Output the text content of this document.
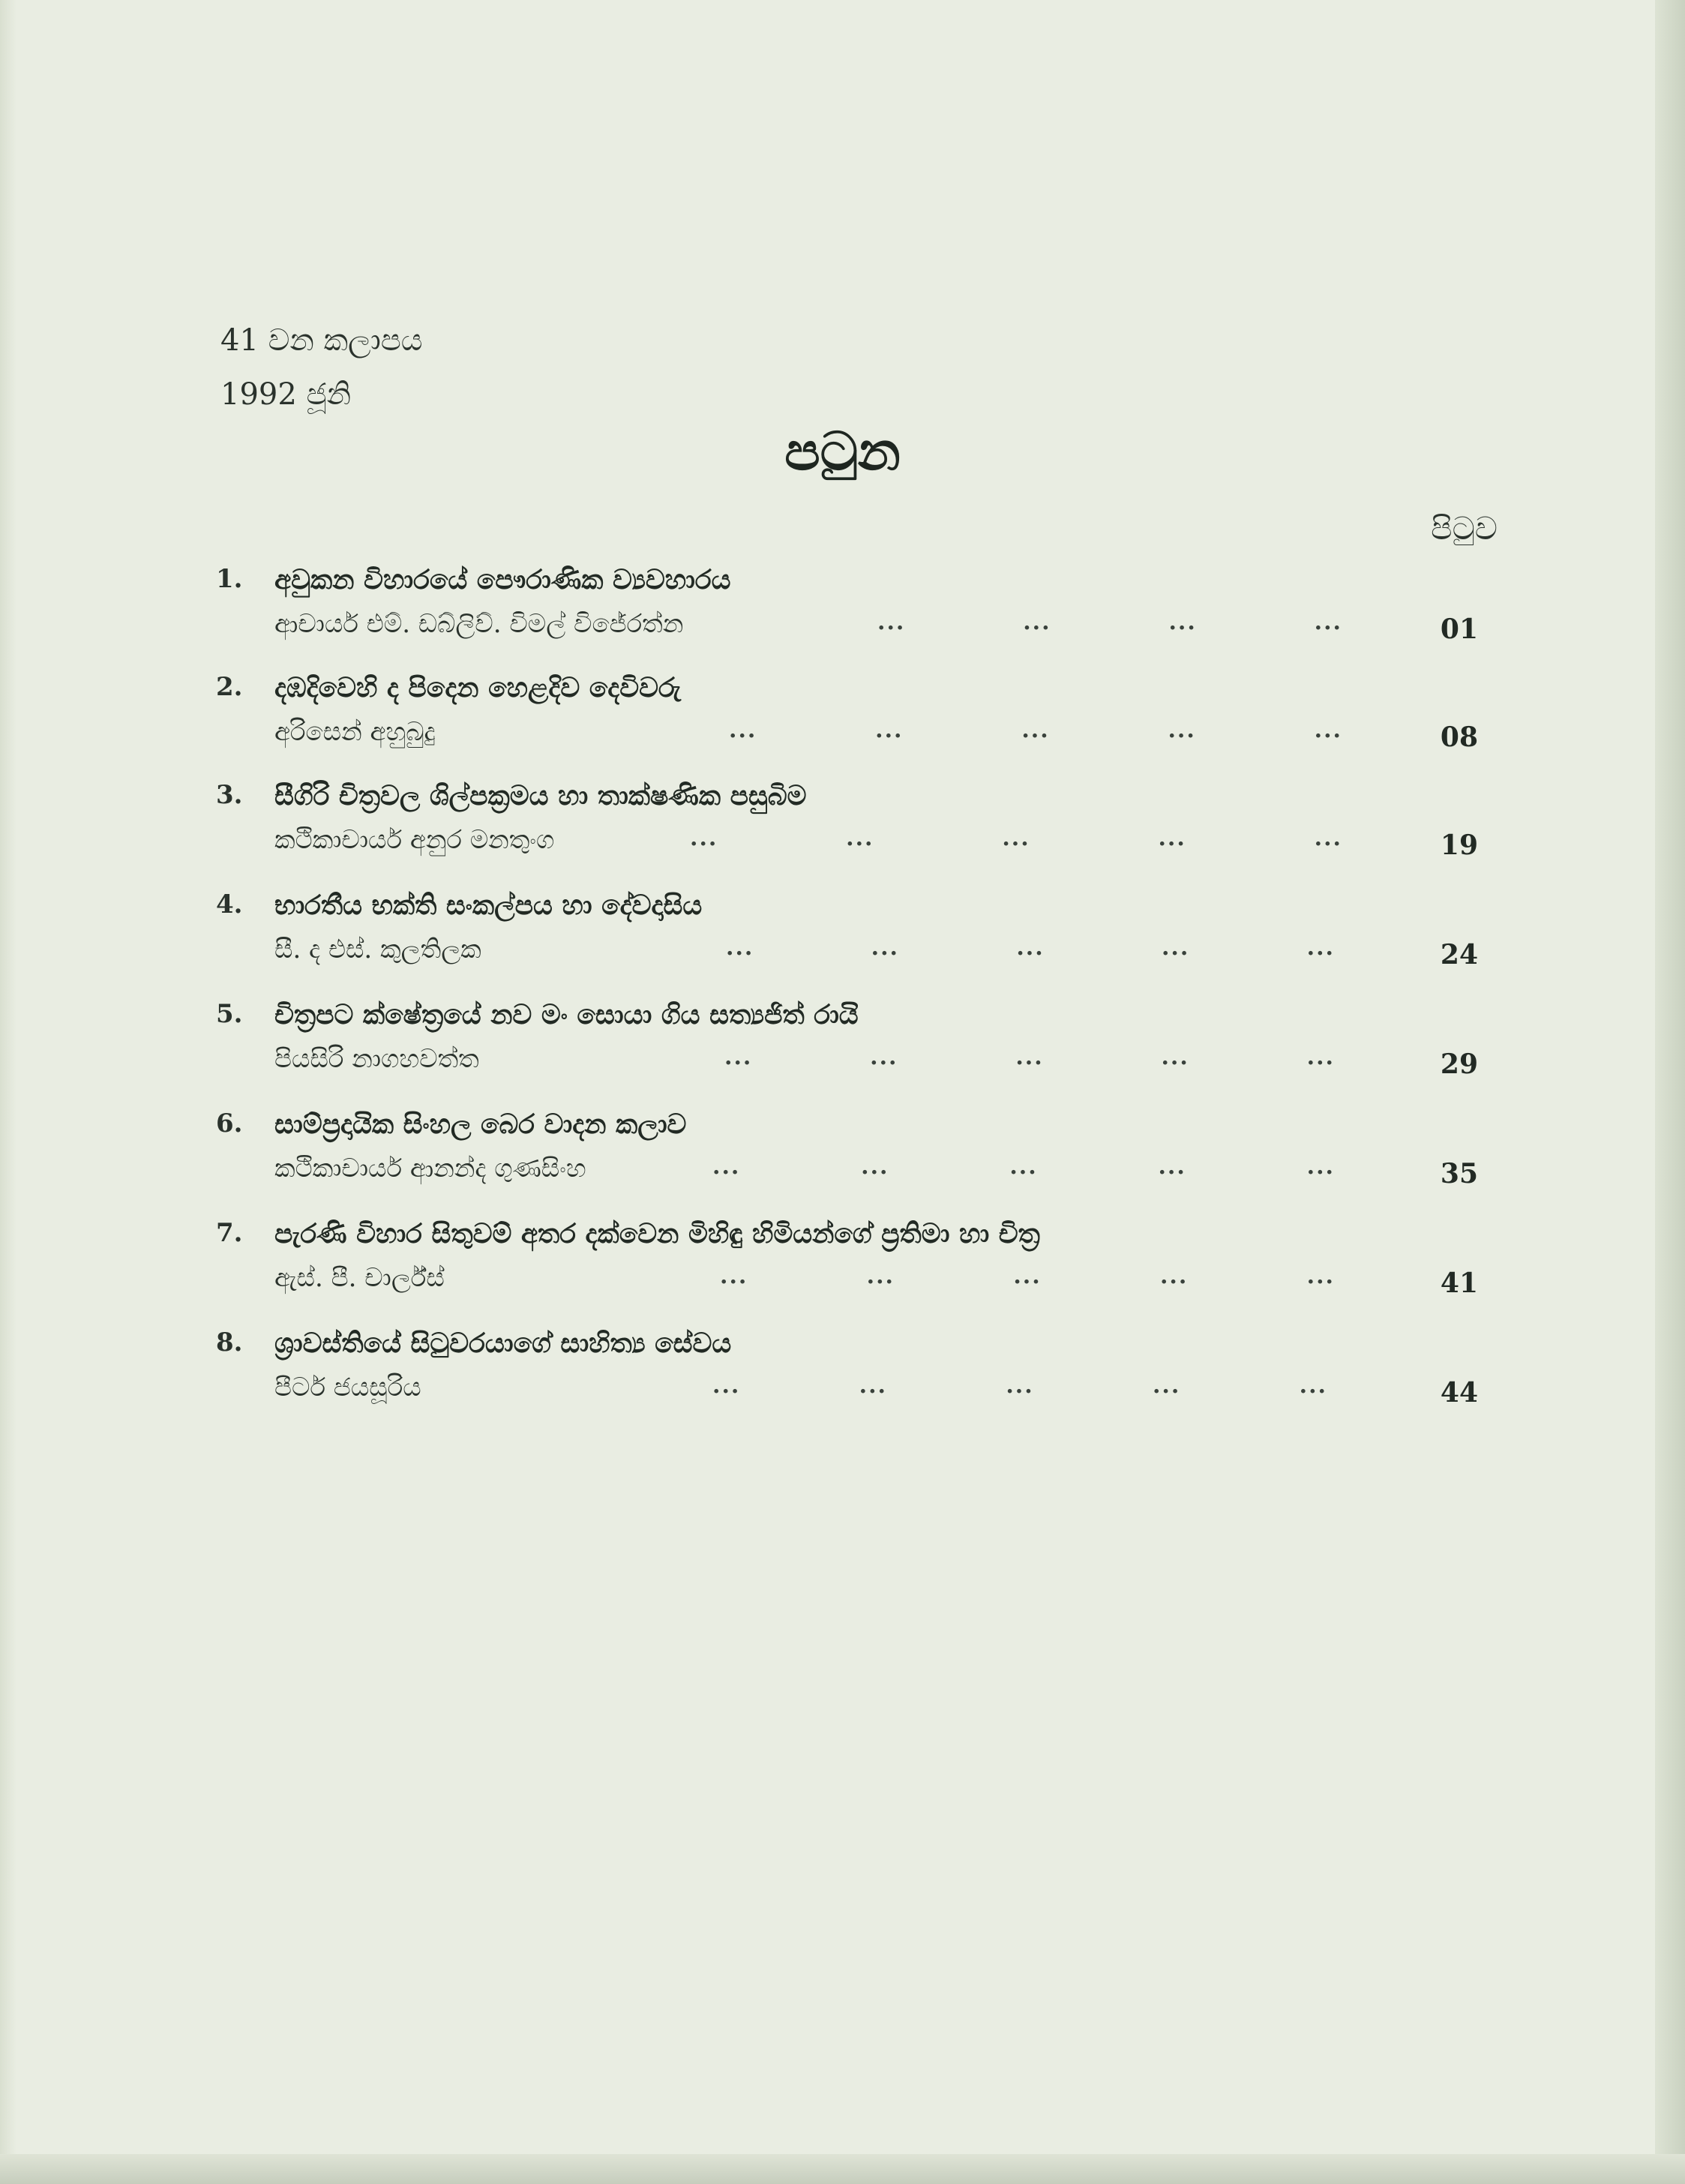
41 වන කලාපය
1992 ජූනි
පටුන
පිටුව
1. අවුකන විහාරයේ පෞරාණික ව්‍යවහාරය
ආචාර්ය එම්. ඩබ්ලිව්. විමල් විජේරත්න	...	...	...	...	01
2. දඹදිවෙහි ද පිදෙන හෙළදිව දෙවිවරු
අරිසෙන් අහුබුදු	...	...	...	...	...	08
3. සීගිරි චිත්‍රවල ශිල්පක්‍රමය හා තාක්ෂණික පසුබිම
කථිකාචාර්ය අනුර මනතුංග	...	...	...	...	...	19
4. භාරතීය භක්ති සංකල්පය හා දේවදාසිය
සී. ද එස්. කුලතිලක	...	...	...	...	...	24
5. චිත්‍රපට ක්ෂේත්‍රයේ නව මං සොයා ගිය සත්‍යජිත් රායි
පියසිරි නාගහවත්ත	...	...	...	...	...	29
6. සාම්ප්‍රදායික සිංහල බෙර වාදන කලාව
කථිකාචාර්ය ආනන්ද ගුණසිංහ	...	...	...	...	...	35
7. පැරණි විහාර සිතුවම් අතර දක්වෙන මිහිඳු හිමියන්ගේ ප්‍රතිමා හා චිත්‍ර
ඇස්. පී. චාර්ල්ස්	...	...	...	...	...	41
8. ශ්‍රාවස්තියේ සිටුවරයාගේ සාහිත්‍ය සේවය
පීටර් ජයසූරිය	...	...	...	...	...	44
